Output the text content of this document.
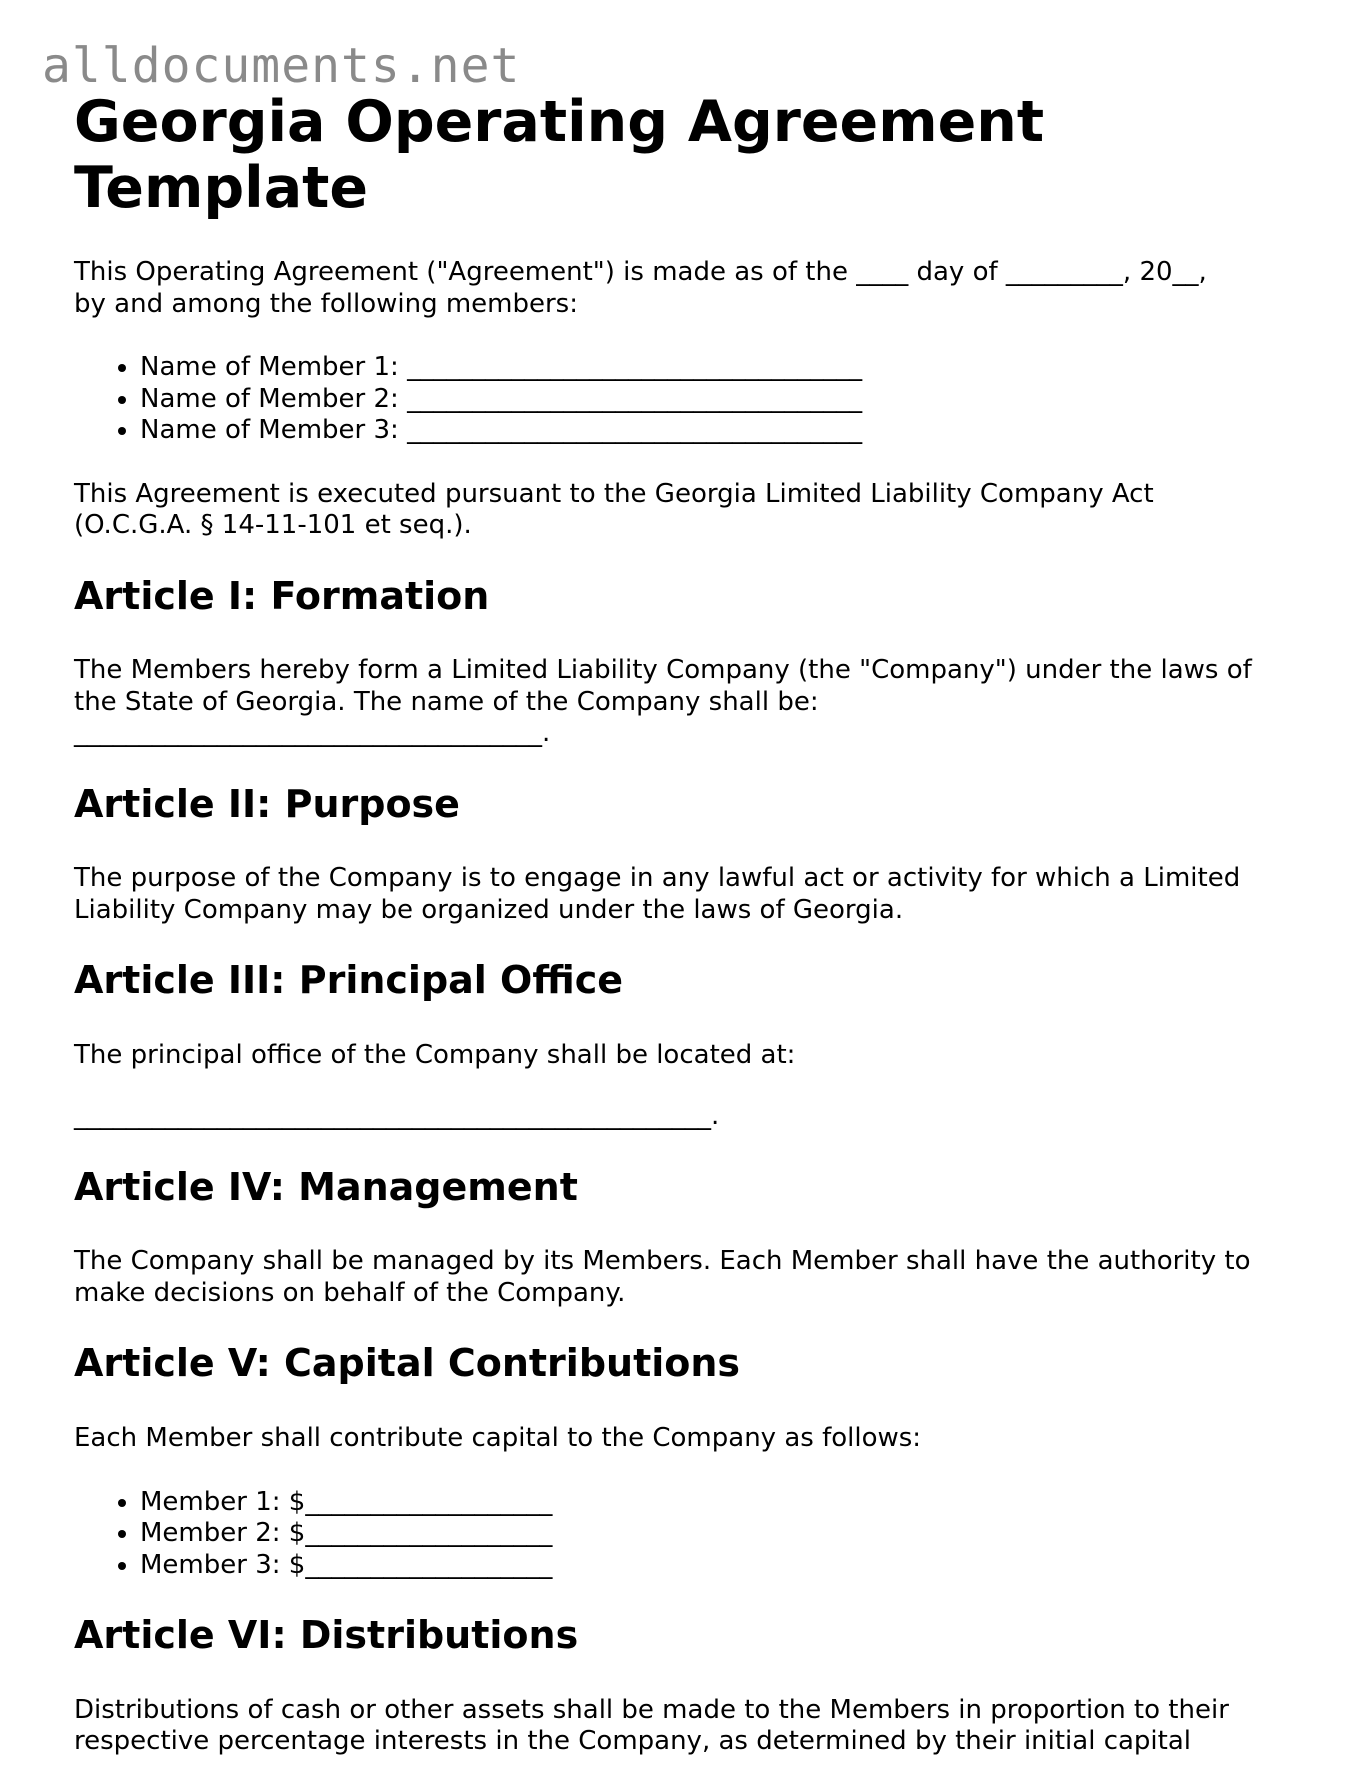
alldocuments.net
Georgia Operating Agreement Template

This Operating Agreement ("Agreement") is made as of the ____ day of _________, 20__,
by and among the following members:

• Name of Member 1: ___________________________________
• Name of Member 2: ___________________________________
• Name of Member 3: ___________________________________

This Agreement is executed pursuant to the Georgia Limited Liability Company Act
(O.C.G.A. § 14-11-101 et seq.).

Article I: Formation

The Members hereby form a Limited Liability Company (the "Company") under the laws of
the State of Georgia. The name of the Company shall be:
____________________________________.

Article II: Purpose

The purpose of the Company is to engage in any lawful act or activity for which a Limited
Liability Company may be organized under the laws of Georgia.

Article III: Principal Office

The principal office of the Company shall be located at:

_________________________________________________.

Article IV: Management

The Company shall be managed by its Members. Each Member shall have the authority to
make decisions on behalf of the Company.

Article V: Capital Contributions

Each Member shall contribute capital to the Company as follows:

• Member 1: $___________________
• Member 2: $___________________
• Member 3: $___________________
Article VI: Distributions

Distributions of cash or other assets shall be made to the Members in proportion to their
respective percentage interests in the Company, as determined by their initial capital
